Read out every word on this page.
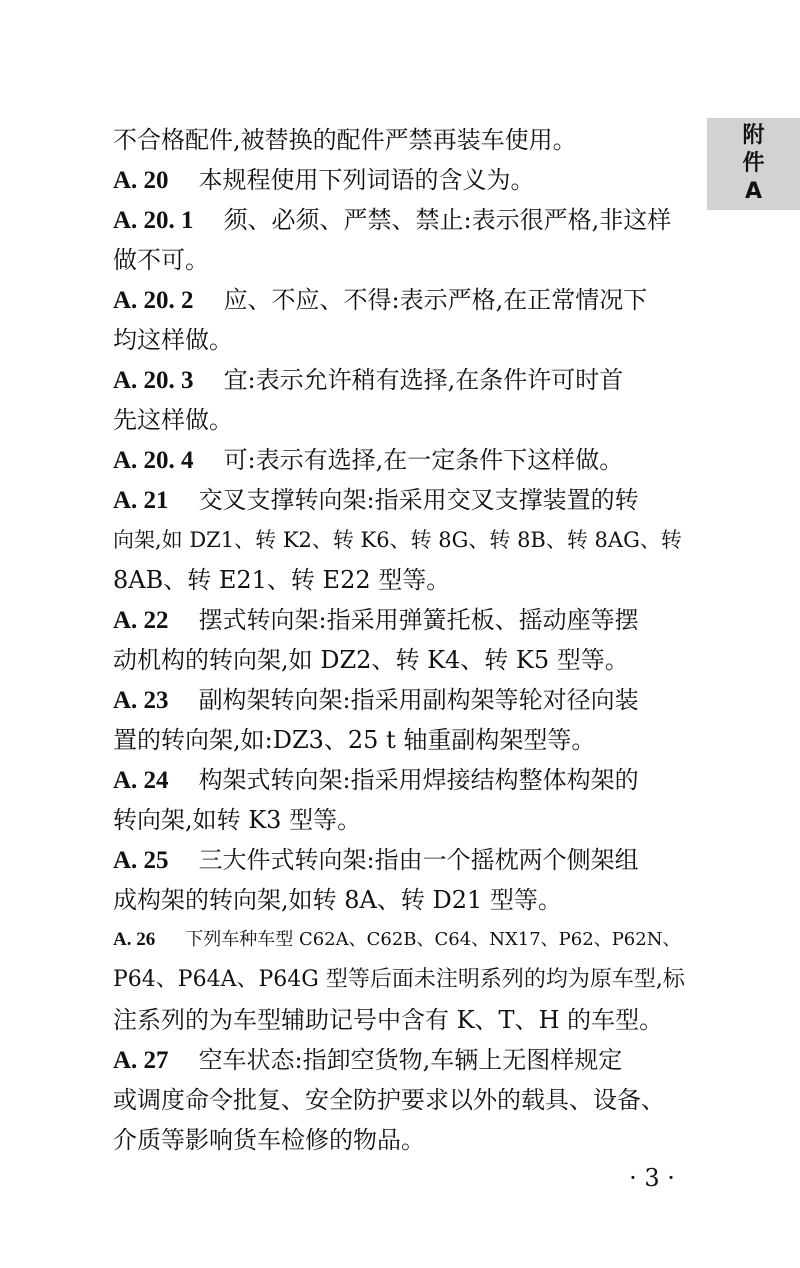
附
件
A
不合格配件,被替换的配件严禁再装车使用。
A. 20 本规程使用下列词语的含义为。
A. 20. 1 须、必须、严禁、禁止:表示很严格,非这样
做不可。
A. 20. 2 应、不应、不得:表示严格,在正常情况下
均这样做。
A. 20. 3 宜:表示允许稍有选择,在条件许可时首
先这样做。
A. 20. 4 可:表示有选择,在一定条件下这样做。
A. 21 交叉支撑转向架:指采用交叉支撑装置的转
向架,如 DZ1、转 K2、转 K6、转 8G、转 8B、转 8AG、转
8AB、转 E21、转 E22 型等。
A. 22 摆式转向架:指采用弹簧托板、摇动座等摆
动机构的转向架,如 DZ2、转 K4、转 K5 型等。
A. 23 副构架转向架:指采用副构架等轮对径向装
置的转向架,如:DZ3、25 t 轴重副构架型等。
A. 24 构架式转向架:指采用焊接结构整体构架的
转向架,如转 K3 型等。
A. 25 三大件式转向架:指由一个摇枕两个侧架组
成构架的转向架,如转 8A、转 D21 型等。
A. 26 下列车种车型 C62A、C62B、C64、NX17、P62、P62N、
P64、P64A、P64G 型等后面未注明系列的均为原车型,标
注系列的为车型辅助记号中含有 K、T、H 的车型。
A. 27 空车状态:指卸空货物,车辆上无图样规定
或调度命令批复、安全防护要求以外的载具、设备、
介质等影响货车检修的物品。
· 3 ·
